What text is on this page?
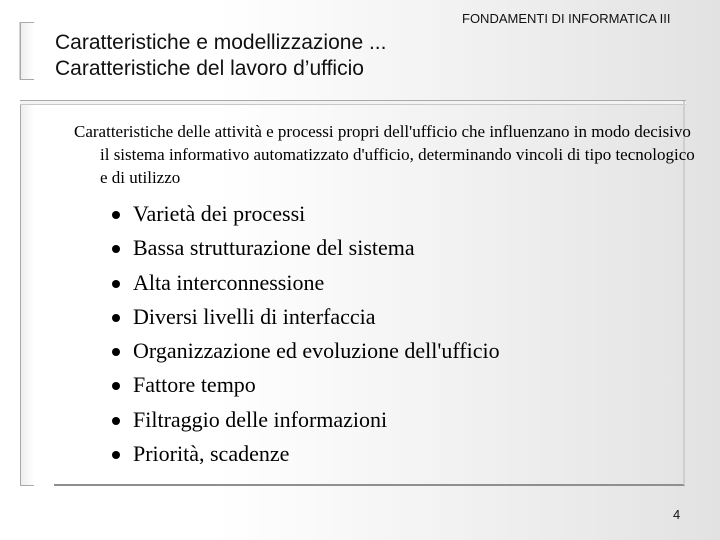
Caratteristiche e modellizzazione ...
Caratteristiche del lavoro d’ufficio
FONDAMENTI DI INFORMATICA III
Caratteristiche delle attività e processi propri dell'ufficio che influenzano in modo decisivo il sistema informativo automatizzato d'ufficio, determinando vincoli di tipo tecnologico e di utilizzo
Varietà dei processi
Bassa strutturazione del sistema
Alta interconnessione
Diversi livelli di interfaccia
Organizzazione ed evoluzione dell'ufficio
Fattore tempo
Filtraggio delle informazioni
Priorità, scadenze
4
